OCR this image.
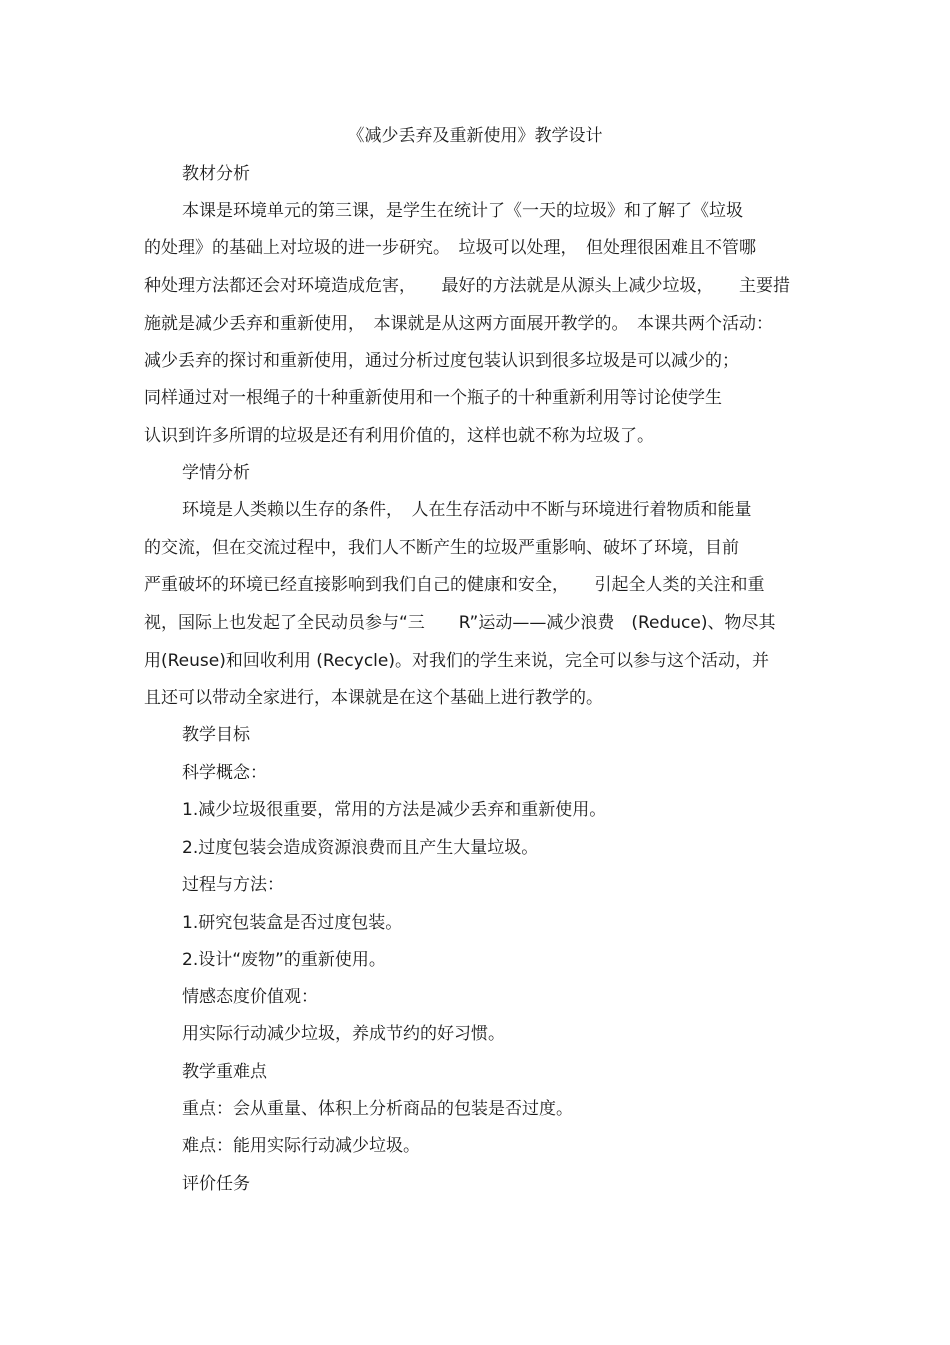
《减少丢弃及重新使用》教学设计
教材分析
本课是环境单元的第三课，是学生在统计了《一天的垃圾》和了解了《垃圾
的处理》的基础上对垃圾的进一步研究。　垃圾可以处理，　但处理很困难且不管哪
种处理方法都还会对环境造成危害，　　最好的方法就是从源头上减少垃圾，　　主要措
施就是减少丢弃和重新使用，　本课就是从这两方面展开教学的。　本课共两个活动：
减少丢弃的探讨和重新使用，通过分析过度包装认识到很多垃圾是可以减少的；
同样通过对一根绳子的十种重新使用和一个瓶子的十种重新利用等讨论使学生
认识到许多所谓的垃圾是还有利用价值的，这样也就不称为垃圾了。
学情分析
环境是人类赖以生存的条件，　人在生存活动中不断与环境进行着物质和能量
的交流，但在交流过程中，我们人不断产生的垃圾严重影响、破坏了环境，目前
严重破坏的环境已经直接影响到我们自己的健康和安全，　　引起全人类的关注和重
视，国际上也发起了全民动员参与“三　　R”运动——减少浪费　(Reduce)、物尽其
用(Reuse)和回收利用 (Recycle)。对我们的学生来说，完全可以参与这个活动，并
且还可以带动全家进行，本课就是在这个基础上进行教学的。
教学目标
科学概念：
1.减少垃圾很重要，常用的方法是减少丢弃和重新使用。
2.过度包装会造成资源浪费而且产生大量垃圾。
过程与方法：
1.研究包装盒是否过度包装。
2.设计“废物”的重新使用。
情感态度价值观：
用实际行动减少垃圾，养成节约的好习惯。
教学重难点
重点：会从重量、体积上分析商品的包装是否过度。
难点：能用实际行动减少垃圾。
评价任务
